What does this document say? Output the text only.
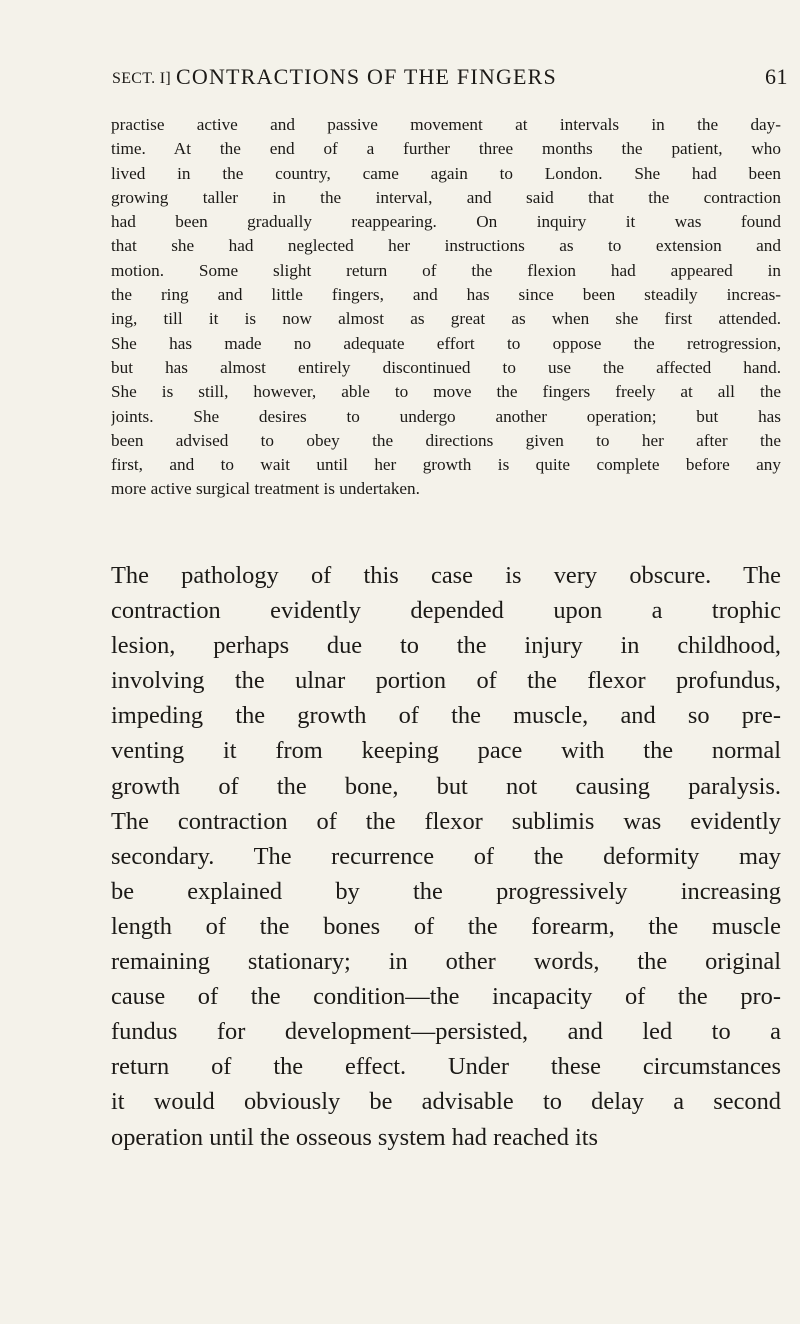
SECT. I] CONTRACTIONS OF THE FINGERS	61
practise active and passive movement at intervals in the day-
time. At the end of a further three months the patient, who
lived in the country, came again to London. She had been
growing taller in the interval, and said that the contraction
had been gradually reappearing. On inquiry it was found
that she had neglected her instructions as to extension and
motion. Some slight return of the flexion had appeared in
the ring and little fingers, and has since been steadily increas-
ing, till it is now almost as great as when she first attended.
She has made no adequate effort to oppose the retrogression,
but has almost entirely discontinued to use the affected hand.
She is still, however, able to move the fingers freely at all the
joints. She desires to undergo another operation; but has
been advised to obey the directions given to her after the
first, and to wait until her growth is quite complete before any
more active surgical treatment is undertaken.
The pathology of this case is very obscure. The
contraction evidently depended upon a trophic
lesion, perhaps due to the injury in childhood,
involving the ulnar portion of the flexor profundus,
impeding the growth of the muscle, and so pre-
venting it from keeping pace with the normal
growth of the bone, but not causing paralysis.
The contraction of the flexor sublimis was evidently
secondary. The recurrence of the deformity may
be explained by the progressively increasing
length of the bones of the forearm, the muscle
remaining stationary; in other words, the original
cause of the condition—the incapacity of the pro-
fundus for development—persisted, and led to a
return of the effect. Under these circumstances
it would obviously be advisable to delay a second
operation until the osseous system had reached its
